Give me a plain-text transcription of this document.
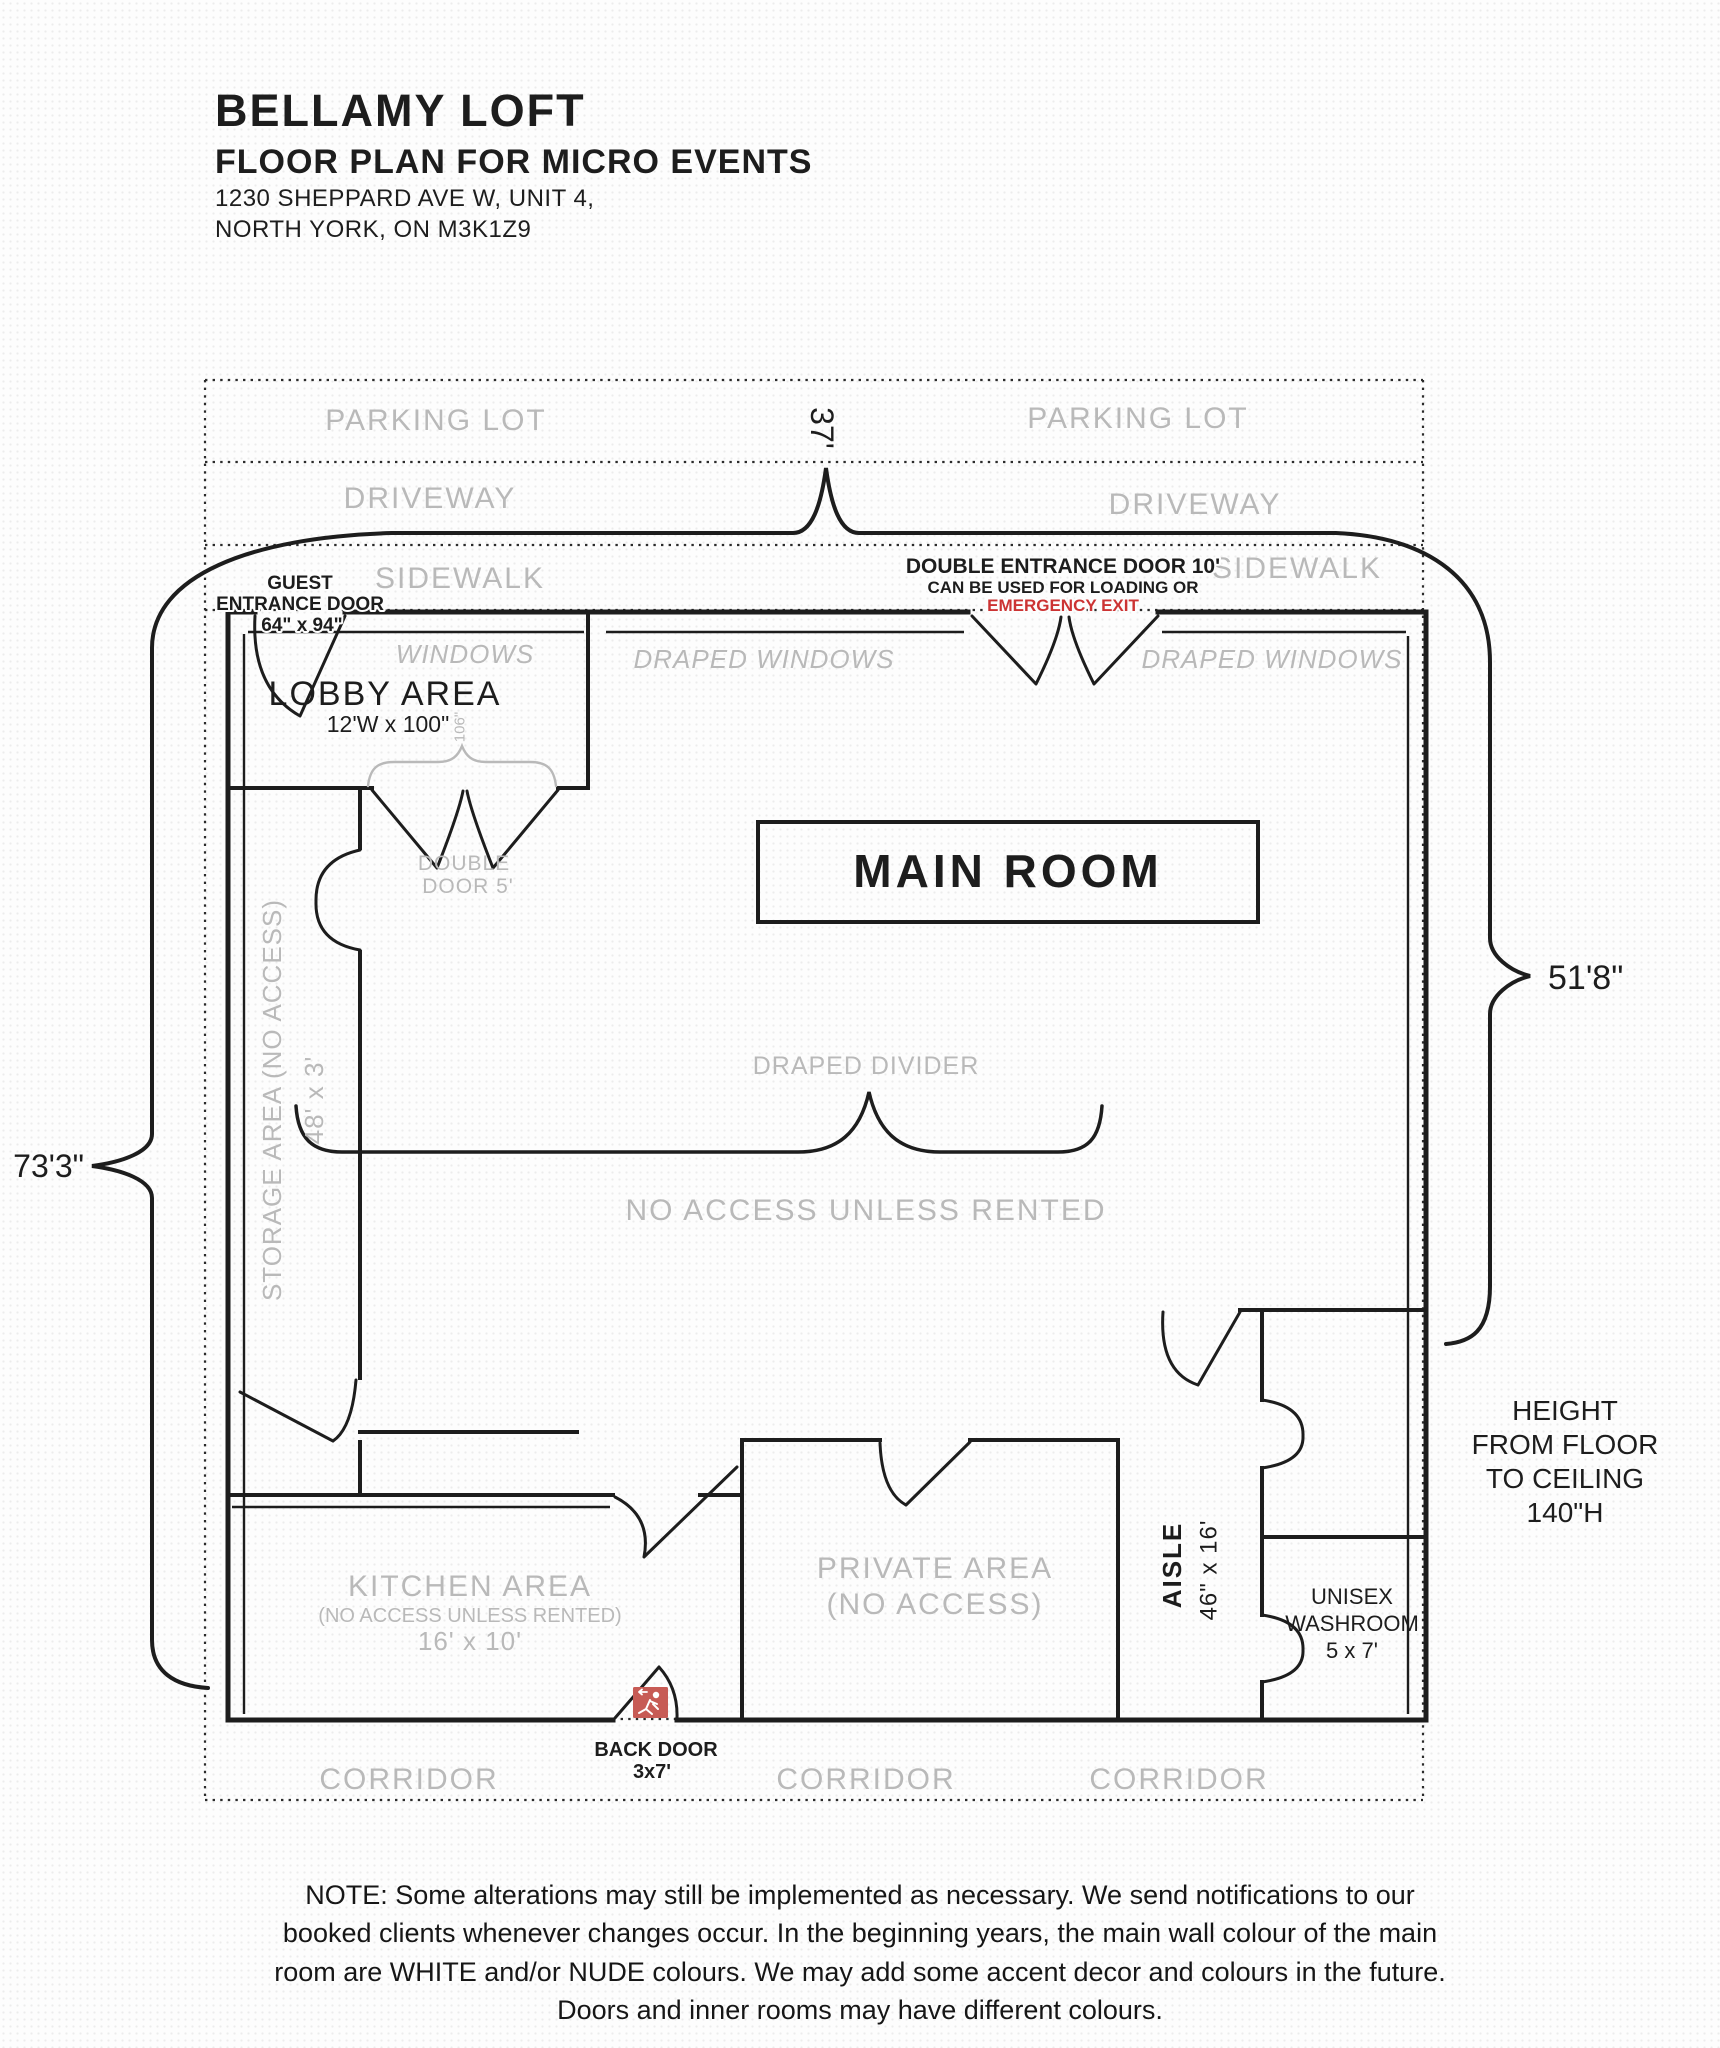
BELLAMY LOFT
FLOOR PLAN FOR MICRO EVENTS
1230 SHEPPARD AVE W, UNIT 4,
NORTH YORK, ON M3K1Z9
PARKING LOT	PARKING LOT
DRIVEWAY	DRIVEWAY
SIDEWALK	SIDEWALK
CORRIDOR	CORRIDOR	CORRIDOR
WINDOWS	DRAPED WINDOWS	DRAPED WINDOWS
GUEST
ENTRANCE DOOR
64" x 94"
DOUBLE ENTRANCE DOOR 10'
CAN BE USED FOR LOADING OR
EMERGENCY EXIT
LOBBY AREA
12'W x 100" 106"
DOUBLE
DOOR 5'	MAIN ROOM
DRAPED DIVIDER
NO ACCESS UNLESS RENTED
STORAGE AREA (NO ACCESS) 48' x 3'
37'
73'3"
51'8"
KITCHEN AREA
(NO ACCESS UNLESS RENTED)
16' x 10'
PRIVATE AREA
(NO ACCESS)	AISLE 46" x 16'	UNISEX
WASHROOM
5 x 7'
HEIGHT
FROM FLOOR
TO CEILING
140"H
BACK DOOR
3x7'
NOTE: Some alterations may still be implemented as necessary. We send notifications to our booked clients whenever changes occur. In the beginning years, the main wall colour of the main room are WHITE and/or NUDE colours. We may add some accent decor and colours in the future. Doors and inner rooms may have different colours.
